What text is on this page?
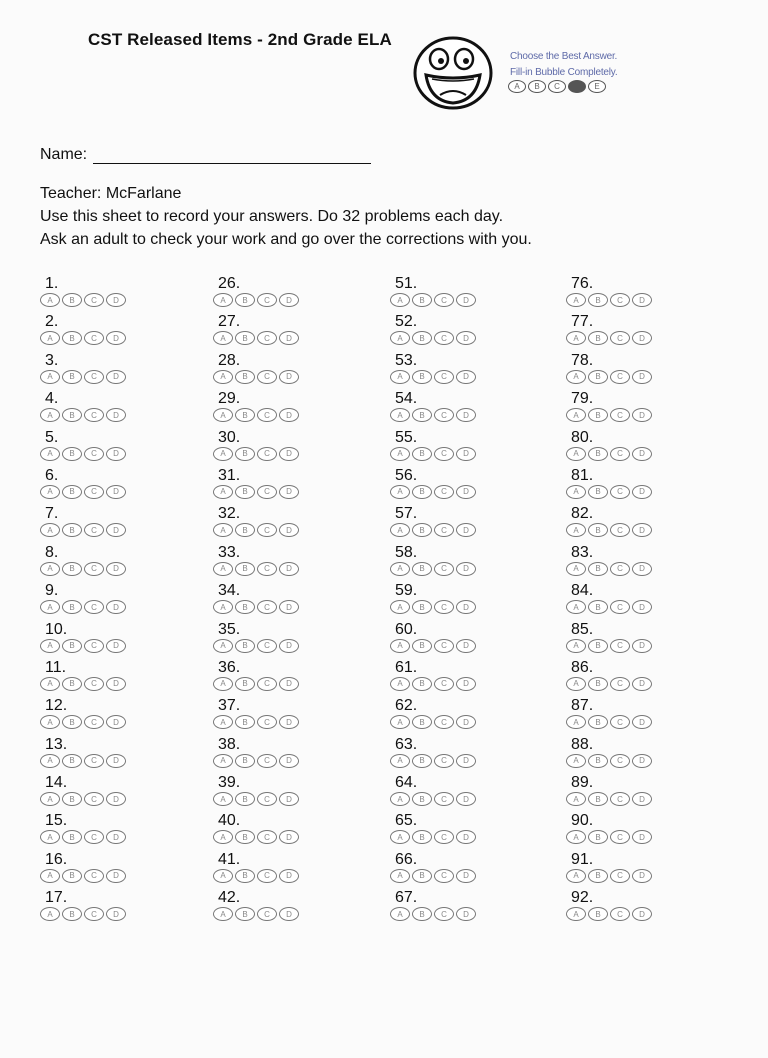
CST Released Items - 2nd Grade ELA
Choose the Best Answer.
Fill-in Bubble Completely.
A	B	C	E
Name:
Teacher: McFarlane
Use this sheet to record your answers. Do 32 problems each day.
Ask an adult to check your work and go over the corrections with you.
1.
A	B	C	D
2.
A	B	C	D
3.
A	B	C	D
4.
A	B	C	D
5.
A	B	C	D
6.
A	B	C	D
7.
A	B	C	D
8.
A	B	C	D
9.
A	B	C	D
10.
A	B	C	D
11.
A	B	C	D
12.
A	B	C	D
13.
A	B	C	D
14.
A	B	C	D
15.
A	B	C	D
16.
A	B	C	D
17.
A	B	C	D
26.
A	B	C	D
27.
A	B	C	D
28.
A	B	C	D
29.
A	B	C	D
30.
A	B	C	D
31.
A	B	C	D
32.
A	B	C	D
33.
A	B	C	D
34.
A	B	C	D
35.
A	B	C	D
36.
A	B	C	D
37.
A	B	C	D
38.
A	B	C	D
39.
A	B	C	D
40.
A	B	C	D
41.
A	B	C	D
42.
A	B	C	D
51.
A	B	C	D
52.
A	B	C	D
53.
A	B	C	D
54.
A	B	C	D
55.
A	B	C	D
56.
A	B	C	D
57.
A	B	C	D
58.
A	B	C	D
59.
A	B	C	D
60.
A	B	C	D
61.
A	B	C	D
62.
A	B	C	D
63.
A	B	C	D
64.
A	B	C	D
65.
A	B	C	D
66.
A	B	C	D
67.
A	B	C	D
76.
A	B	C	D
77.
A	B	C	D
78.
A	B	C	D
79.
A	B	C	D
80.
A	B	C	D
81.
A	B	C	D
82.
A	B	C	D
83.
A	B	C	D
84.
A	B	C	D
85.
A	B	C	D
86.
A	B	C	D
87.
A	B	C	D
88.
A	B	C	D
89.
A	B	C	D
90.
A	B	C	D
91.
A	B	C	D
92.
A	B	C	D
